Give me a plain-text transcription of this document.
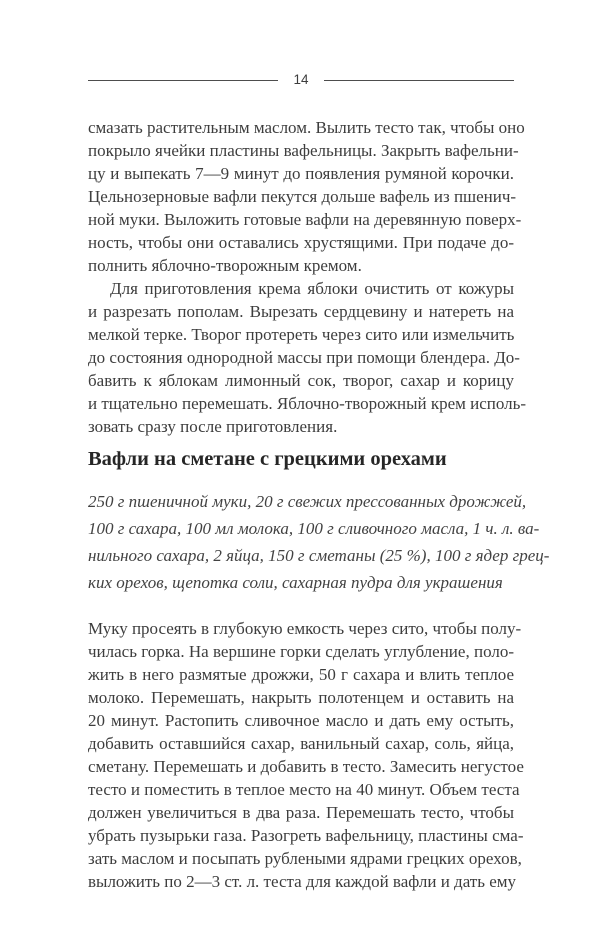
14

смазать растительным маслом. Вылить тесто так, чтобы оно
покрыло ячейки пластины вафельницы. Закрыть вафельни-
цу и выпекать 7—9 минут до появления румяной корочки.
Цельнозерновые вафли пекутся дольше вафель из пшенич-
ной муки. Выложить готовые вафли на деревянную поверх-
ность, чтобы они оставались хрустящими. При подаче до-
полнить яблочно-творожным кремом.

Для приготовления крема яблоки очистить от кожуры
и разрезать пополам. Вырезать сердцевину и натереть на
мелкой терке. Творог протереть через сито или измельчить
до состояния однородной массы при помощи блендера. До-
бавить к яблокам лимонный сок, творог, сахар и корицу
и тщательно перемешать. Яблочно-творожный крем исполь-
зовать сразу после приготовления.

Вафли на сметане с грецкими орехами

250 г пшеничной муки, 20 г свежих прессованных дрожжей,
100 г сахара, 100 мл молока, 100 г сливочного масла, 1 ч. л. ва-
нильного сахара, 2 яйца, 150 г сметаны (25 %), 100 г ядер грец-
ких орехов, щепотка соли, сахарная пудра для украшения

Муку просеять в глубокую емкость через сито, чтобы полу-
чилась горка. На вершине горки сделать углубление, поло-
жить в него размятые дрожжи, 50 г сахара и влить теплое
молоко. Перемешать, накрыть полотенцем и оставить на
20 минут. Растопить сливочное масло и дать ему остыть,
добавить оставшийся сахар, ванильный сахар, соль, яйца,
сметану. Перемешать и добавить в тесто. Замесить негустое
тесто и поместить в теплое место на 40 минут. Объем теста
должен увеличиться в два раза. Перемешать тесто, чтобы
убрать пузырьки газа. Разогреть вафельницу, пластины сма-
зать маслом и посыпать рублеными ядрами грецких орехов,
выложить по 2—3 ст. л. теста для каждой вафли и дать ему
